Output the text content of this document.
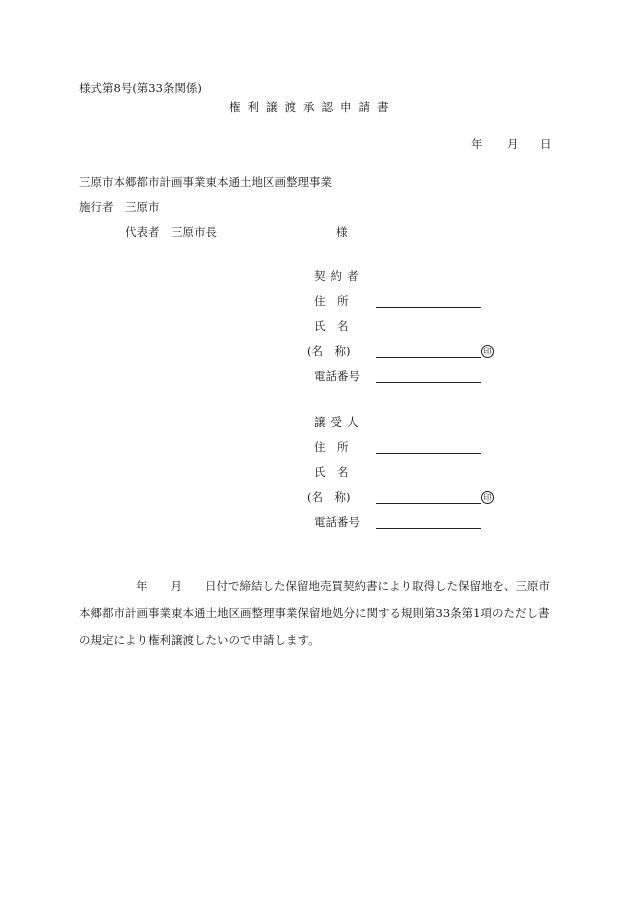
様式第8号(第33条関係)
権利譲渡承認申請書
年 月 日
三原市本郷都市計画事業東本通土地区画整理事業
施行者　三原市
代表者　三原市長	様
契約者
住　所
氏　名
(名　称)	印
電話番号
譲受人
住　所
氏　名
(名　称)	印
電話番号
年　　月　　日付で締結した保留地売買契約書により取得した保留地を、三原市本郷都市計画事業東本通土地区画整理事業保留地処分に関する規則第33条第1項のただし書の規定により権利譲渡したいので申請します。
